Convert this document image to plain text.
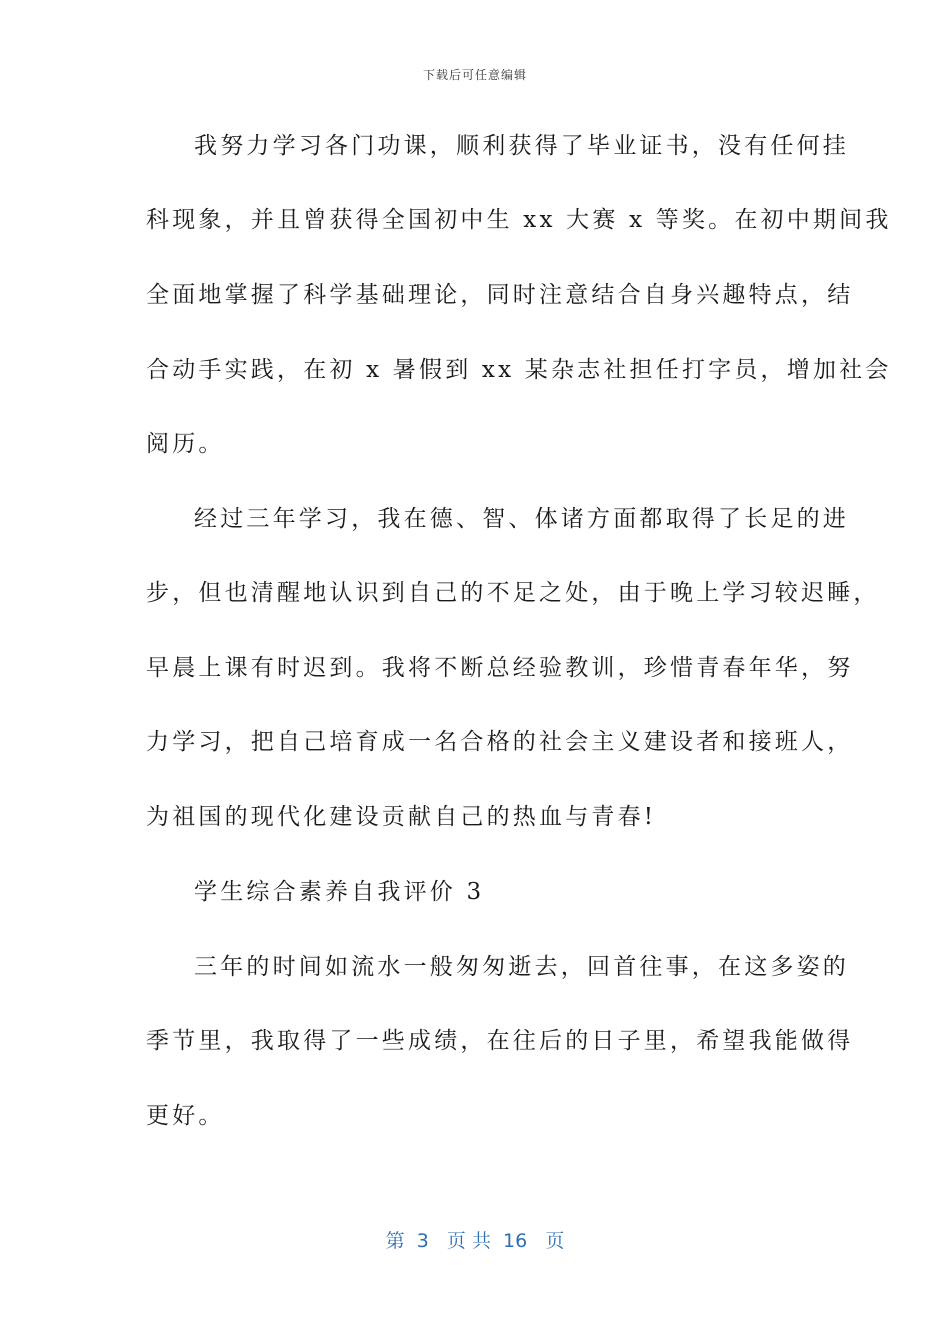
下载后可任意编辑
我努力学习各门功课，顺利获得了毕业证书，没有任何挂
科现象，并且曾获得全国初中生 xx 大赛 x 等奖。在初中期间我
全面地掌握了科学基础理论，同时注意结合自身兴趣特点，结
合动手实践，在初 x 暑假到 xx 某杂志社担任打字员，增加社会
阅历。
经过三年学习，我在德、智、体诸方面都取得了长足的进
步，但也清醒地认识到自己的不足之处，由于晚上学习较迟睡，
早晨上课有时迟到。我将不断总经验教训，珍惜青春年华，努
力学习，把自己培育成一名合格的社会主义建设者和接班人，
为祖国的现代化建设贡献自己的热血与青春!
学生综合素养自我评价 3
三年的时间如流水一般匆匆逝去，回首往事，在这多姿的
季节里，我取得了一些成绩，在往后的日子里，希望我能做得
更好。
第  3   页 共  16   页
